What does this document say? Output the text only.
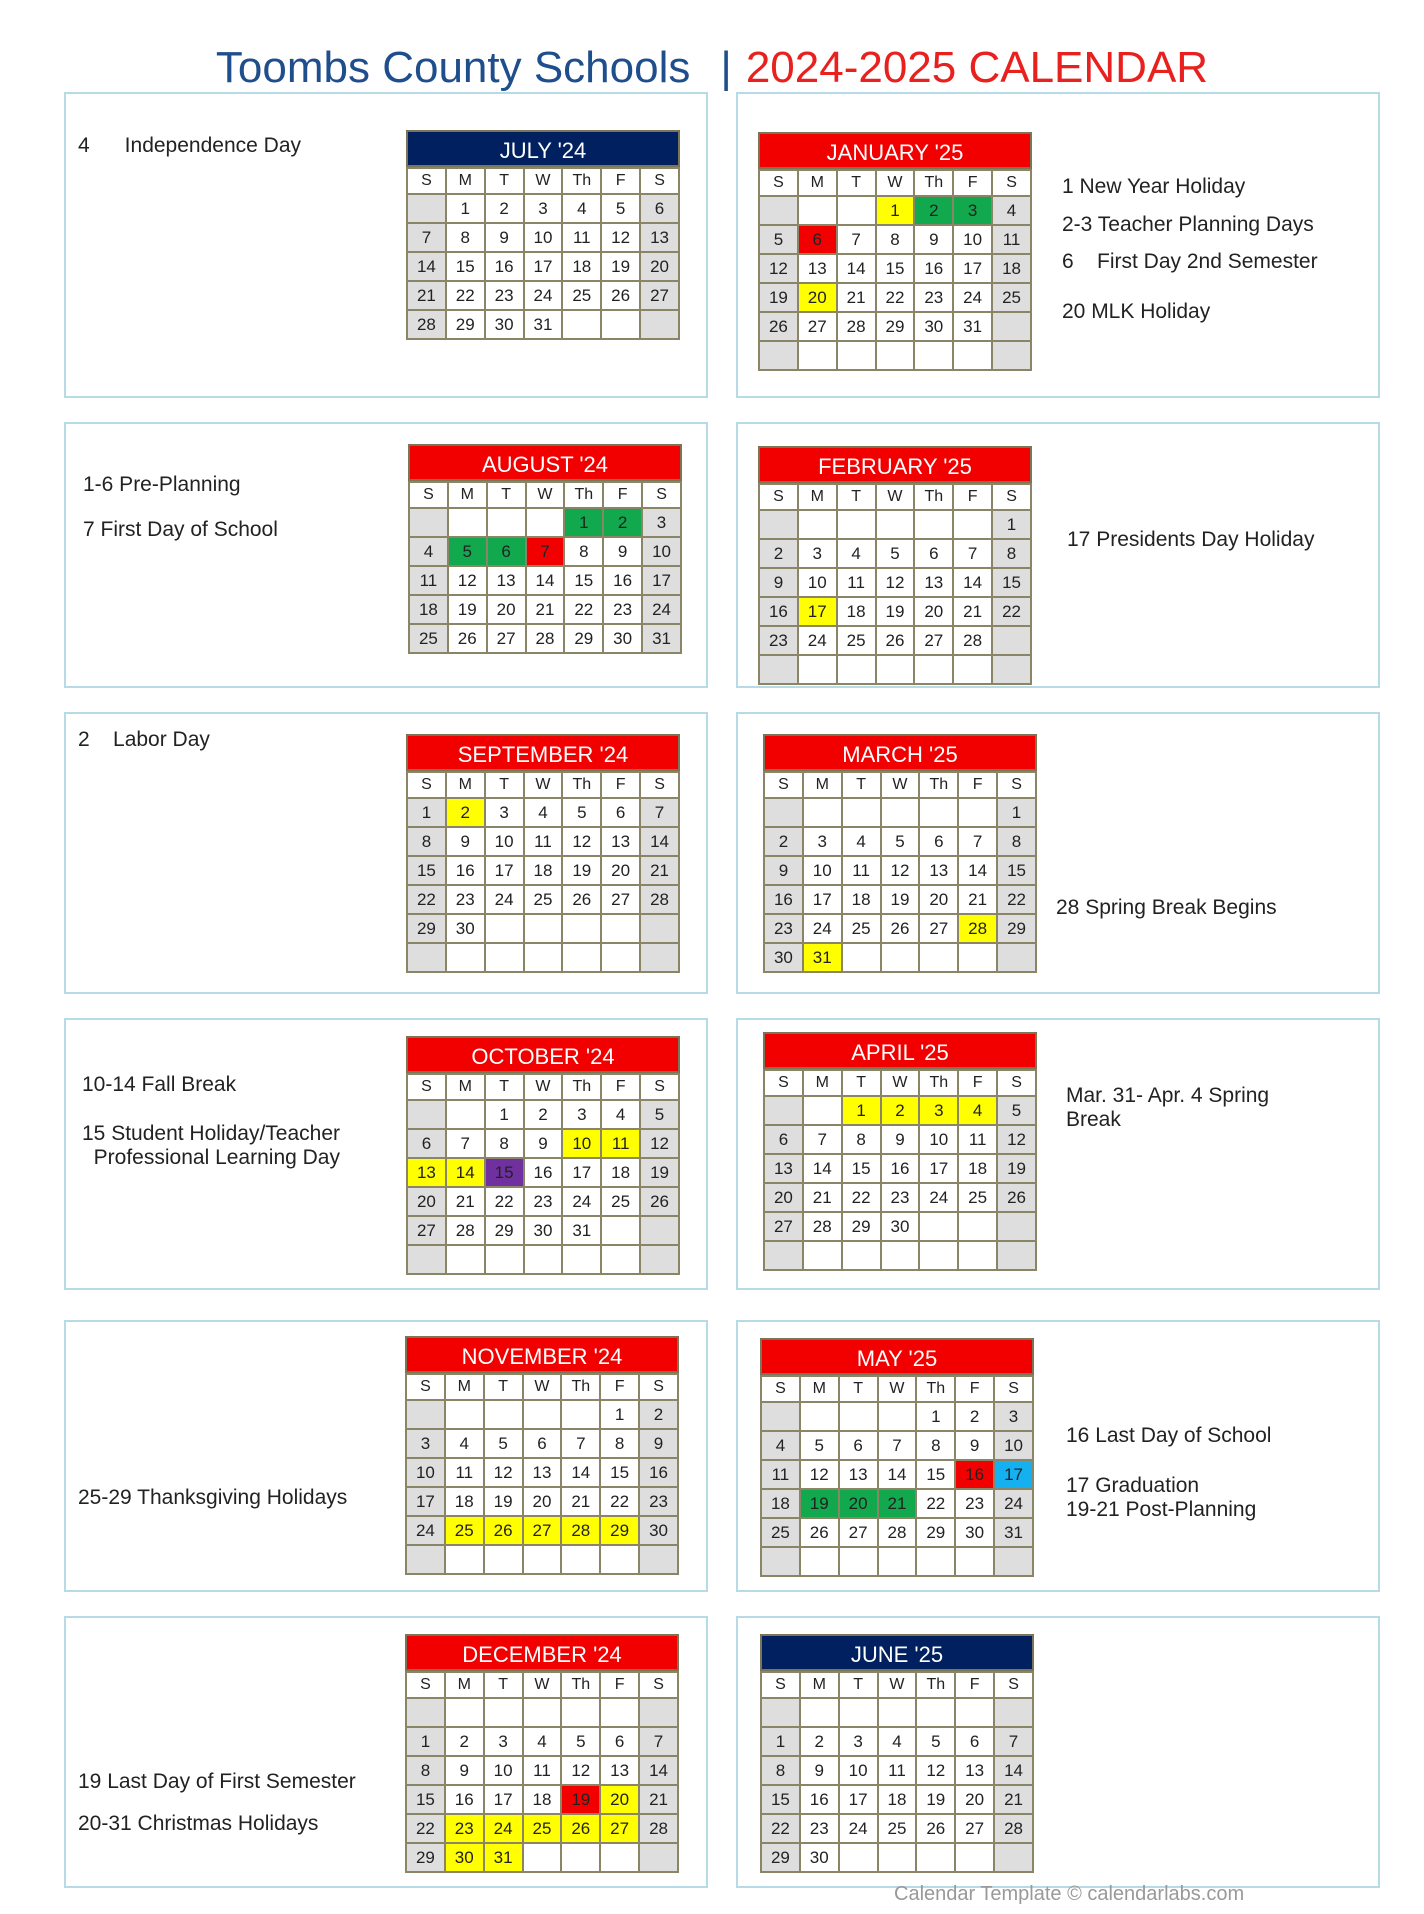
Toombs County Schools | 2024-2025 CALENDAR
4      Independence Day	JULY '24
S	M	T	W	Th	F	S
	1	2	3	4	5	6
7	8	9	10	11	12	13
14	15	16	17	18	19	20
21	22	23	24	25	26	27
28	29	30	31			
1 New Year Holiday
2-3 Teacher Planning Days
6    First Day 2nd Semester
20 MLK Holiday
JANUARY '25
S	M	T	W	Th	F	S
			1	2	3	4
5	6	7	8	9	10	11
12	13	14	15	16	17	18
19	20	21	22	23	24	25
26	27	28	29	30	31	

1-6 Pre-Planning
7 First Day of School
AUGUST '24
S	M	T	W	Th	F	S
				1	2	3
4	5	6	7	8	9	10
11	12	13	14	15	16	17
18	19	20	21	22	23	24
25	26	27	28	29	30	31
17 Presidents Day Holiday
FEBRUARY '25
S	M	T	W	Th	F	S
						1
2	3	4	5	6	7	8
9	10	11	12	13	14	15
16	17	18	19	20	21	22
23	24	25	26	27	28	

2    Labor Day
SEPTEMBER '24
S	M	T	W	Th	F	S
1	2	3	4	5	6	7
8	9	10	11	12	13	14
15	16	17	18	19	20	21
22	23	24	25	26	27	28
29	30					

28 Spring Break Begins
MARCH '25
S	M	T	W	Th	F	S
						1
2	3	4	5	6	7	8
9	10	11	12	13	14	15
16	17	18	19	20	21	22
23	24	25	26	27	28	29
30	31					
10-14 Fall Break
15 Student Holiday/Teacher
Professional Learning Day
OCTOBER '24
S	M	T	W	Th	F	S
		1	2	3	4	5
6	7	8	9	10	11	12
13	14	15	16	17	18	19
20	21	22	23	24	25	26
27	28	29	30	31		

Mar. 31- Apr. 4 Spring
Break
APRIL '25
S	M	T	W	Th	F	S
		1	2	3	4	5
6	7	8	9	10	11	12
13	14	15	16	17	18	19
20	21	22	23	24	25	26
27	28	29	30			

25-29 Thanksgiving Holidays
NOVEMBER '24
S	M	T	W	Th	F	S
					1	2
3	4	5	6	7	8	9
10	11	12	13	14	15	16
17	18	19	20	21	22	23
24	25	26	27	28	29	30

16 Last Day of School
17 Graduation
19-21 Post-Planning
MAY '25
S	M	T	W	Th	F	S
				1	2	3
4	5	6	7	8	9	10
11	12	13	14	15	16	17
18	19	20	21	22	23	24
25	26	27	28	29	30	31

19 Last Day of First Semester
20-31 Christmas Holidays
DECEMBER '24
S	M	T	W	Th	F	S

1	2	3	4	5	6	7
8	9	10	11	12	13	14
15	16	17	18	19	20	21
22	23	24	25	26	27	28
29	30	31				
JUNE '25
S	M	T	W	Th	F	S

1	2	3	4	5	6	7
8	9	10	11	12	13	14
15	16	17	18	19	20	21
22	23	24	25	26	27	28
29	30					
Calendar Template © calendarlabs.com
